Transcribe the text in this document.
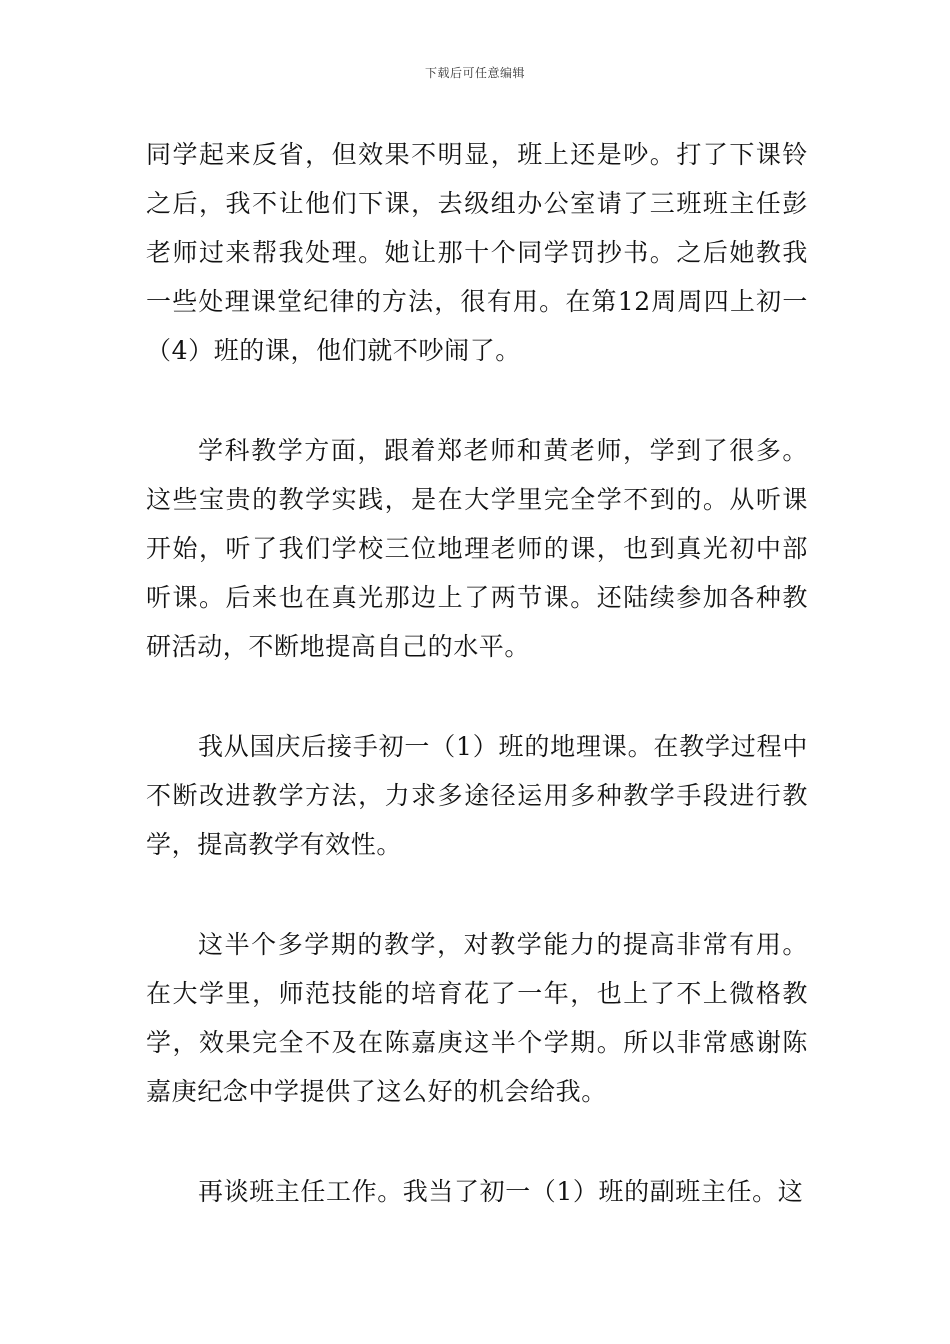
下载后可任意编辑

同学起来反省，但效果不明显，班上还是吵。打了下课铃之后，我不让他们下课，去级组办公室请了三班班主任彭老师过来帮我处理。她让那十个同学罚抄书。之后她教我一些处理课堂纪律的方法，很有用。在第12周周四上初一（4）班的课，他们就不吵闹了。

学科教学方面，跟着郑老师和黄老师，学到了很多。这些宝贵的教学实践，是在大学里完全学不到的。从听课开始，听了我们学校三位地理老师的课，也到真光初中部听课。后来也在真光那边上了两节课。还陆续参加各种教研活动，不断地提高自己的水平。

我从国庆后接手初一（1）班的地理课。在教学过程中不断改进教学方法，力求多途径运用多种教学手段进行教学，提高教学有效性。

这半个多学期的教学，对教学能力的提高非常有用。在大学里，师范技能的培育花了一年，也上了不上微格教学，效果完全不及在陈嘉庚这半个学期。所以非常感谢陈嘉庚纪念中学提供了这么好的机会给我。

再谈班主任工作。我当了初一（1）班的副班主任。这
